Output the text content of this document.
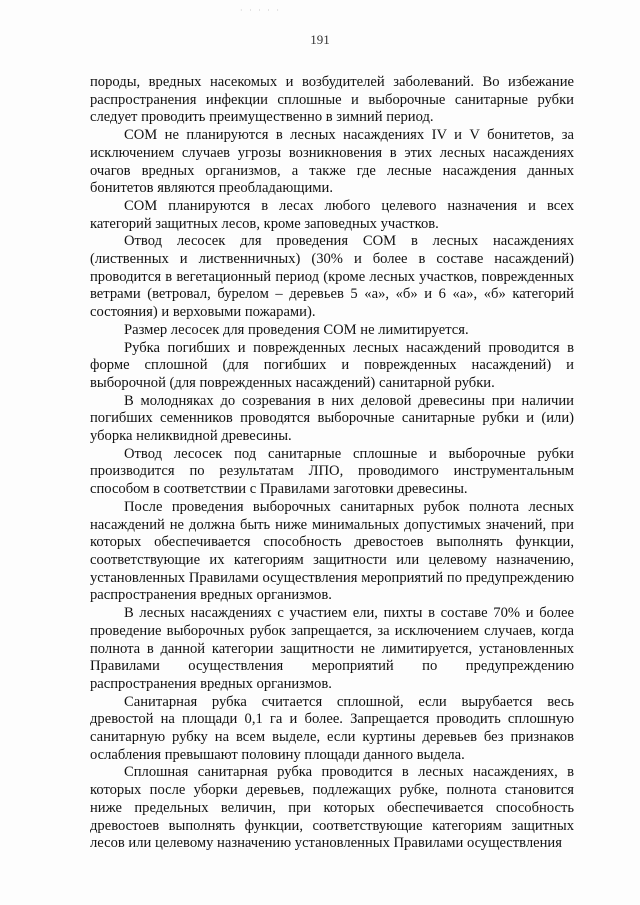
· · · · ·
191

породы, вредных насекомых и возбудителей заболеваний. Во избежание распространения инфекции сплошные и выборочные санитарные рубки следует проводить преимущественно в зимний период.

СОМ не планируются в лесных насаждениях IV и V бонитетов, за исключением случаев угрозы возникновения в этих лесных насаждениях очагов вредных организмов, а также где лесные насаждения данных бонитетов являются преобладающими.

СОМ планируются в лесах любого целевого назначения и всех категорий защитных лесов, кроме заповедных участков.

Отвод лесосек для проведения СОМ в лесных насаждениях (лиственных и лиственничных) (30% и более в составе насаждений) проводится в вегетационный период (кроме лесных участков, поврежденных ветрами (ветровал, бурелом – деревьев 5 «а», «б» и 6 «а», «б» категорий состояния) и верховыми пожарами).

Размер лесосек для проведения СОМ не лимитируется.

Рубка погибших и поврежденных лесных насаждений проводится в форме сплошной (для погибших и поврежденных насаждений) и выборочной (для поврежденных насаждений) санитарной рубки.

В молодняках до созревания в них деловой древесины при наличии погибших семенников проводятся выборочные санитарные рубки и (или) уборка неликвидной древесины.

Отвод лесосек под санитарные сплошные и выборочные рубки производится по результатам ЛПО, проводимого инструментальным способом в соответствии с Правилами заготовки древесины.

После проведения выборочных санитарных рубок полнота лесных насаждений не должна быть ниже минимальных допустимых значений, при которых обеспечивается способность древостоев выполнять функции, соответствующие их категориям защитности или целевому назначению, установленных Правилами осуществления мероприятий по предупреждению распространения вредных организмов.

В лесных насаждениях с участием ели, пихты в составе 70% и более проведение выборочных рубок запрещается, за исключением случаев, когда полнота в данной категории защитности не лимитируется, установленных Правилами осуществления мероприятий по предупреждению распространения вредных организмов.

Санитарная рубка считается сплошной, если вырубается весь древостой на площади 0,1 га и более. Запрещается проводить сплошную санитарную рубку на всем выделе, если куртины деревьев без признаков ослабления превышают половину площади данного выдела.

Сплошная санитарная рубка проводится в лесных насаждениях, в которых после уборки деревьев, подлежащих рубке, полнота становится ниже предельных величин, при которых обеспечивается способность древостоев выполнять функции, соответствующие категориям защитных лесов или целевому назначению установленных Правилами осуществления
